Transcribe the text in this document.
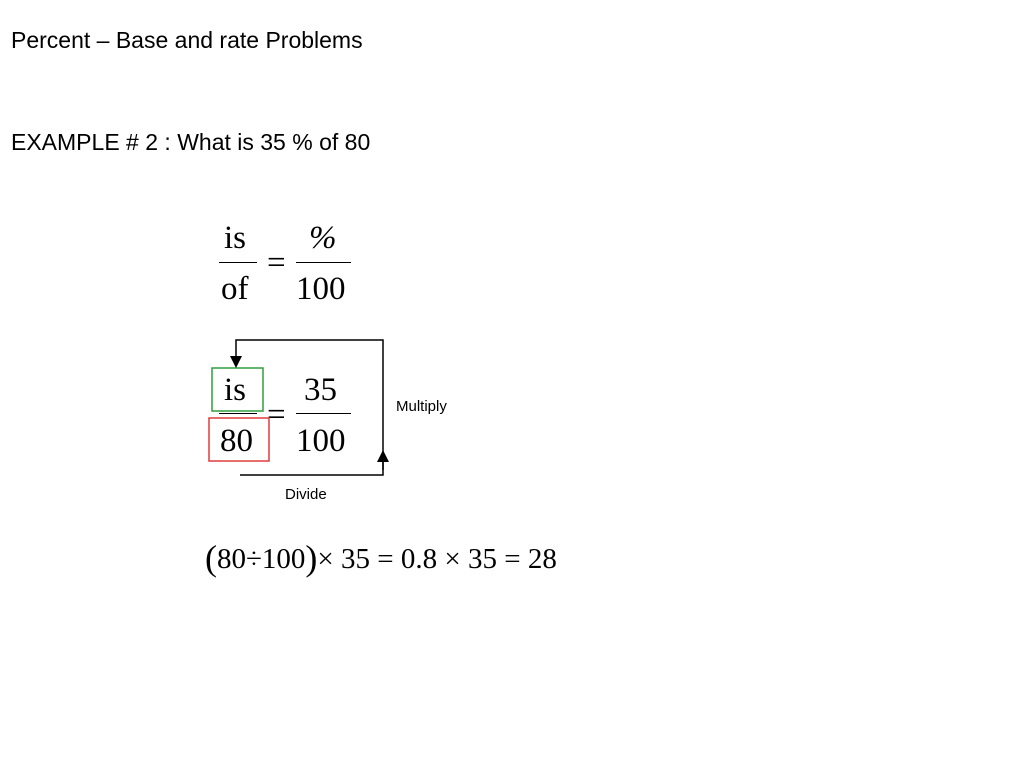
Percent – Base and rate Problems
EXAMPLE # 2 : What is 35 % of 80
is
of
=
%
100
is
80
=
35
100
Multiply
Divide
(80÷100)× 35 = 0.8 × 35 = 28
